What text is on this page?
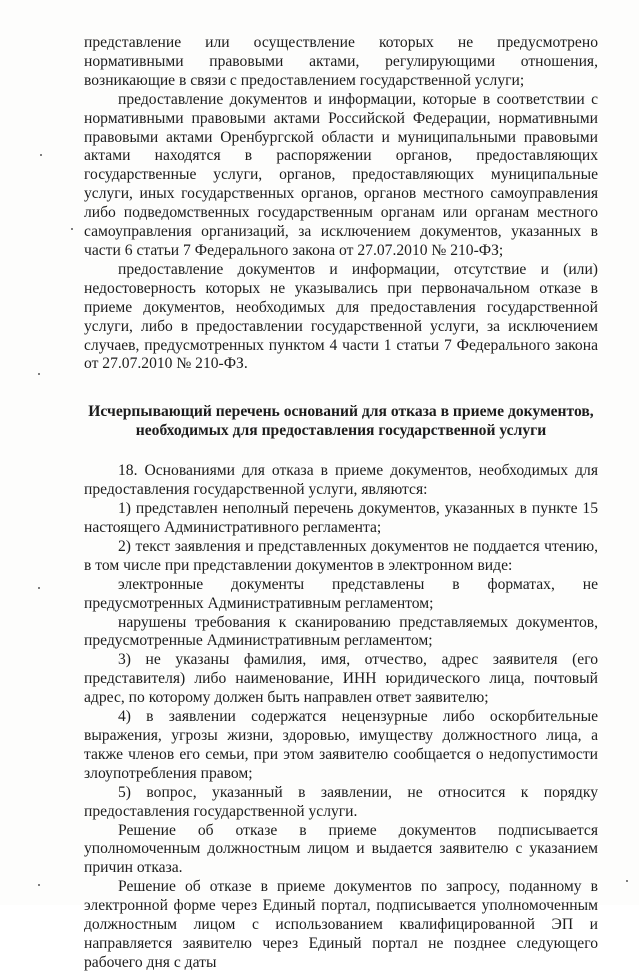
представление или осуществление которых не предусмотрено нормативными правовыми актами, регулирующими отношения, возникающие в связи с предоставлением государственной услуги;

предоставление документов и информации, которые в соответствии с нормативными правовыми актами Российской Федерации, нормативными правовыми актами Оренбургской области и муниципальными правовыми актами находятся в распоряжении органов, предоставляющих государственные услуги, органов, предоставляющих муниципальные услуги, иных государственных органов, органов местного самоуправления либо подведомственных государственным органам или органам местного самоуправления организаций, за исключением документов, указанных в части 6 статьи 7 Федерального закона от 27.07.2010 № 210-ФЗ;

предоставление документов и информации, отсутствие и (или) недостоверность которых не указывались при первоначальном отказе в приеме документов, необходимых для предоставления государственной услуги, либо в предоставлении государственной услуги, за исключением случаев, предусмотренных пунктом 4 части 1 статьи 7 Федерального закона от 27.07.2010 № 210-ФЗ.

Исчерпывающий перечень оснований для отказа в приеме документов, необходимых для предоставления государственной услуги

18. Основаниями для отказа в приеме документов, необходимых для предоставления государственной услуги, являются:

1) представлен неполный перечень документов, указанных в пункте 15 настоящего Административного регламента;

2) текст заявления и представленных документов не поддается чтению, в том числе при представлении документов в электронном виде:

электронные документы представлены в форматах, не предусмотренных Административным регламентом;

нарушены требования к сканированию представляемых документов, предусмотренные Административным регламентом;

3) не указаны фамилия, имя, отчество, адрес заявителя (его представителя) либо наименование, ИНН юридического лица, почтовый адрес, по которому должен быть направлен ответ заявителю;

4) в заявлении содержатся нецензурные либо оскорбительные выражения, угрозы жизни, здоровью, имуществу должностного лица, а также членов его семьи, при этом заявителю сообщается о недопустимости злоупотребления правом;

5) вопрос, указанный в заявлении, не относится к порядку предоставления государственной услуги.

Решение об отказе в приеме документов подписывается уполномоченным должностным лицом и выдается заявителю с указанием причин отказа.

Решение об отказе в приеме документов по запросу, поданному в электронной форме через Единый портал, подписывается уполномоченным должностным лицом с использованием квалифицированной ЭП и направляется заявителю через Единый портал не позднее следующего рабочего дня с даты
